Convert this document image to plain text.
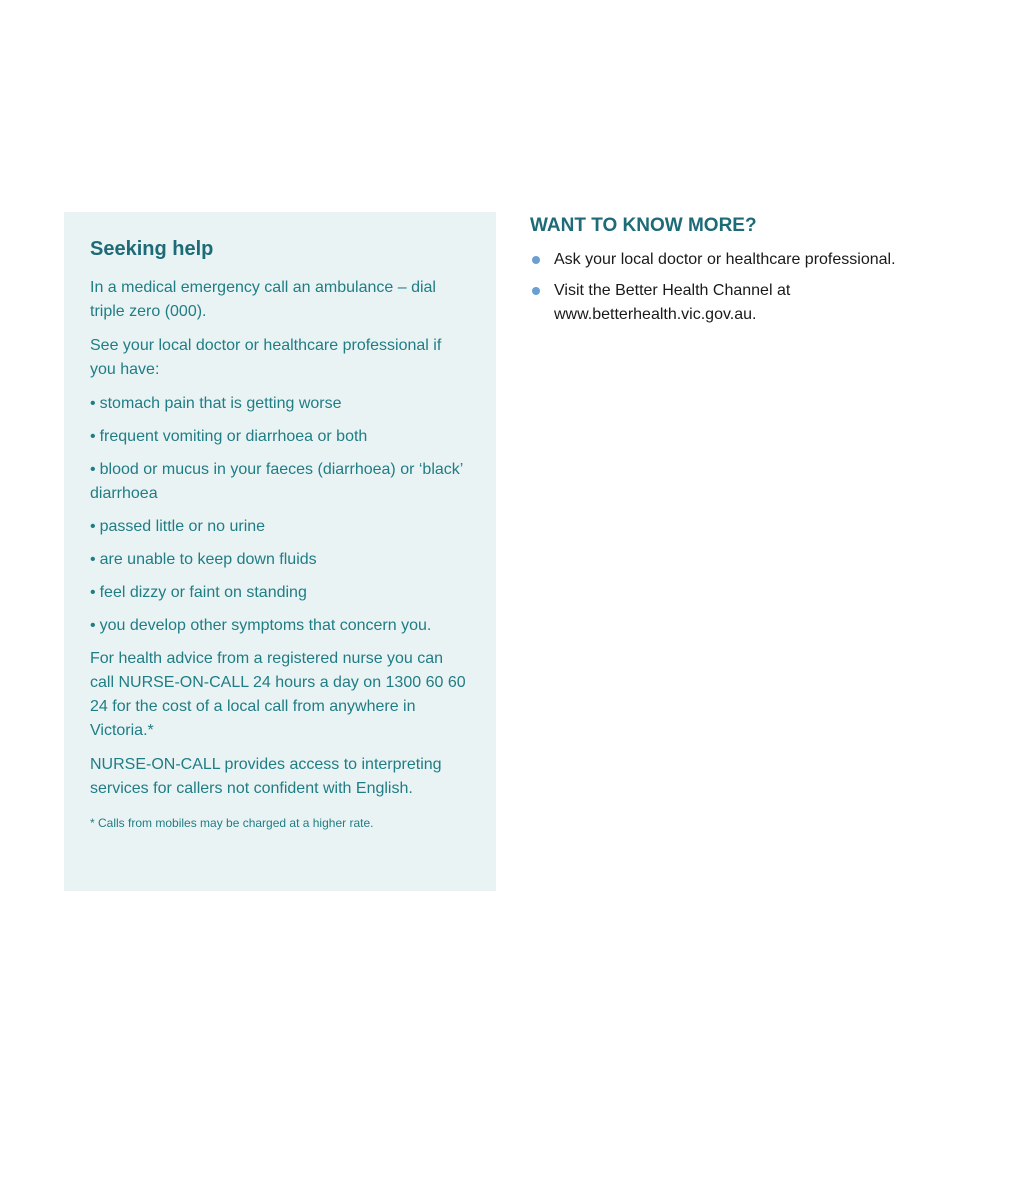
Seeking help

In a medical emergency call an ambulance – dial triple zero (000).

See your local doctor or healthcare professional if you have:

• stomach pain that is getting worse
• frequent vomiting or diarrhoea or both
• blood or mucus in your faeces (diarrhoea) or ‘black’ diarrhoea
• passed little or no urine
• are unable to keep down fluids
• feel dizzy or faint on standing
• you develop other symptoms that concern you.

For health advice from a registered nurse you can call NURSE-ON-CALL 24 hours a day on 1300 60 60 24 for the cost of a local call from anywhere in Victoria.*

NURSE-ON-CALL provides access to interpreting services for callers not confident with English.

* Calls from mobiles may be charged at a higher rate.
WANT TO KNOW MORE?
Ask your local doctor or healthcare professional.
Visit the Better Health Channel at www.betterhealth.vic.gov.au.
